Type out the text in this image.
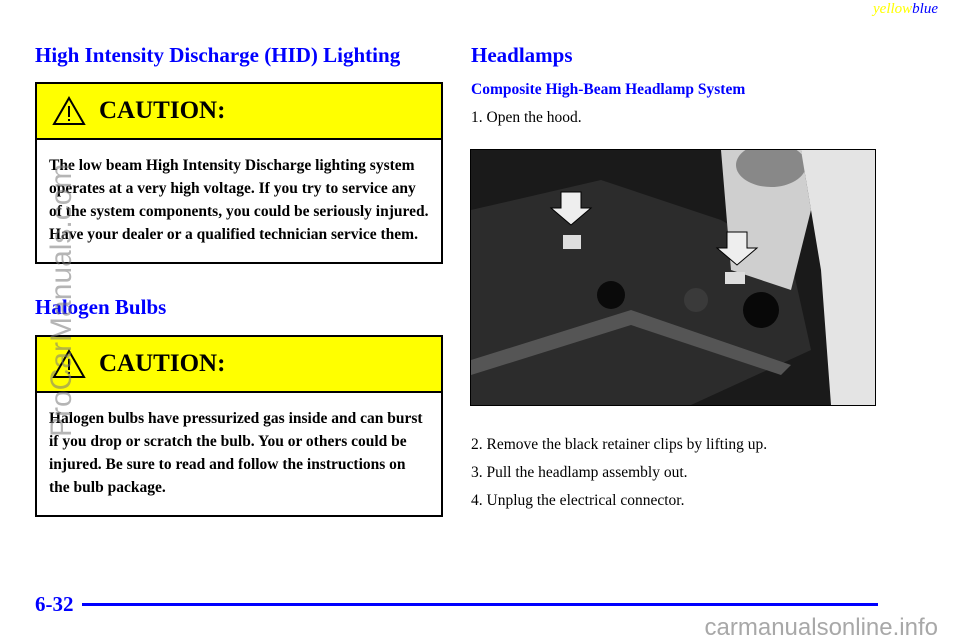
yellowblue
High Intensity Discharge (HID) Lighting
CAUTION:
The low beam High Intensity Discharge lighting system operates at a very high voltage. If you try to service any of the system components, you could be seriously injured. Have your dealer or a qualified technician service them.
Halogen Bulbs
CAUTION:
Halogen bulbs have pressurized gas inside and can burst if you drop or scratch the bulb. You or others could be injured. Be sure to read and follow the instructions on the bulb package.
Headlamps
Composite High-Beam Headlamp System
1. Open the hood.
2. Remove the black retainer clips by lifting up.
3. Pull the headlamp assembly out.
4. Unplug the electrical connector.
6-32
carmanualsonline.info
ProCarManuals.com
